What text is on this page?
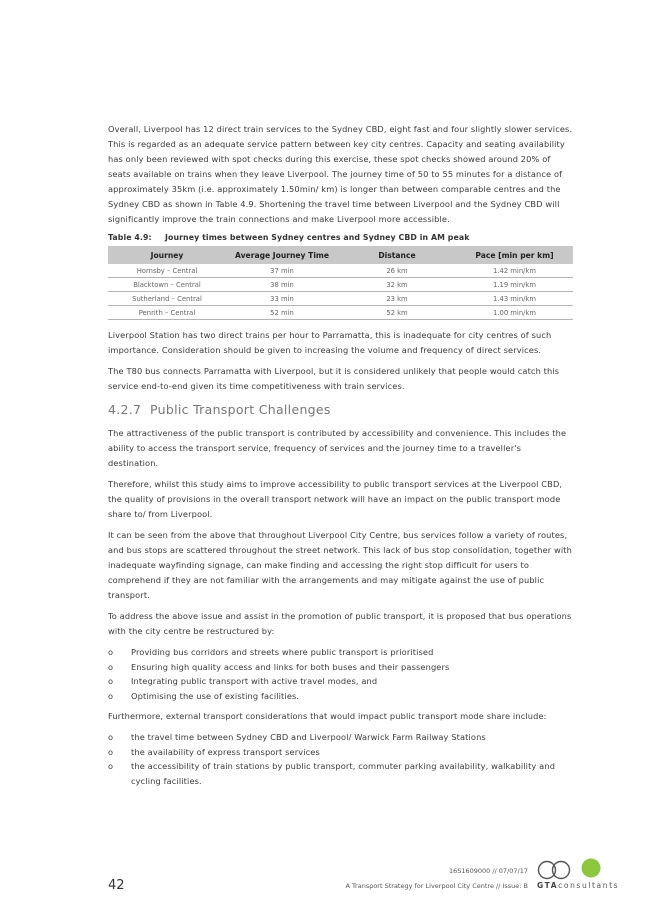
Overall, Liverpool has 12 direct train services to the Sydney CBD, eight fast and four slightly slower services. This is regarded as an adequate service pattern between key city centres. Capacity and seating availability has only been reviewed with spot checks during this exercise, these spot checks showed around 20% of seats available on trains when they leave Liverpool. The journey time of 50 to 55 minutes for a distance of approximately 35km (i.e. approximately 1.50min/ km) is longer than between comparable centres and the Sydney CBD as shown in Table 4.9. Shortening the travel time between Liverpool and the Sydney CBD will significantly improve the train connections and make Liverpool more accessible.

Table 4.9: Journey times between Sydney centres and Sydney CBD in AM peak
Journey	Average Journey Time	Distance	Pace [min per km]
Hornsby – Central	37 min	26 km	1.42 min/km
Blacktown – Central	38 min	32 km	1.19 min/km
Sutherland – Central	33 min	23 km	1.43 min/km
Penrith – Central	52 min	52 km	1.00 min/km

Liverpool Station has two direct trains per hour to Parramatta, this is inadequate for city centres of such importance. Consideration should be given to increasing the volume and frequency of direct services.

The T80 bus connects Parramatta with Liverpool, but it is considered unlikely that people would catch this service end-to-end given its time competitiveness with train services.

4.2.7 Public Transport Challenges

The attractiveness of the public transport is contributed by accessibility and convenience. This includes the ability to access the transport service, frequency of services and the journey time to a traveller's destination.

Therefore, whilst this study aims to improve accessibility to public transport services at the Liverpool CBD, the quality of provisions in the overall transport network will have an impact on the public transport mode share to/ from Liverpool.

It can be seen from the above that throughout Liverpool City Centre, bus services follow a variety of routes, and bus stops are scattered throughout the street network. This lack of bus stop consolidation, together with inadequate wayfinding signage, can make finding and accessing the right stop difficult for users to comprehend if they are not familiar with the arrangements and may mitigate against the use of public transport.

To address the above issue and assist in the promotion of public transport, it is proposed that bus operations with the city centre be restructured by:

o Providing bus corridors and streets where public transport is prioritised
o Ensuring high quality access and links for both buses and their passengers
o Integrating public transport with active travel modes, and
o Optimising the use of existing facilities.

Furthermore, external transport considerations that would impact public transport mode share include:

o the travel time between Sydney CBD and Liverpool/ Warwick Farm Railway Stations
o the availability of express transport services
o the accessibility of train stations by public transport, commuter parking availability, walkability and cycling facilities.
42
16S1609000 // 07/07/17
A Transport Strategy for Liverpool City Centre // Issue: B GTAconsultants
